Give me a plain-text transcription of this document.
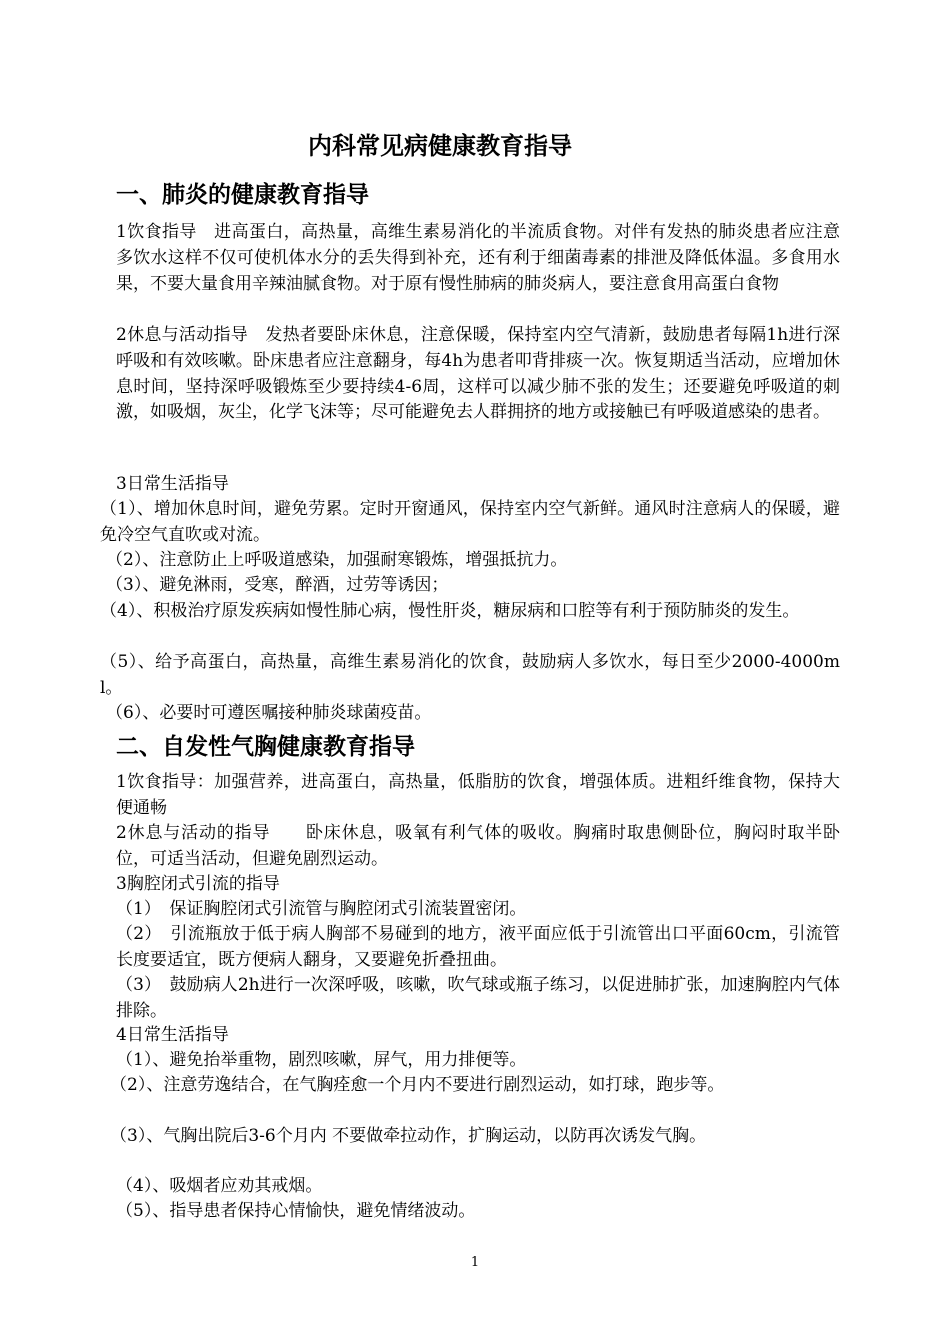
内科常见病健康教育指导
一、肺炎的健康教育指导
1饮食指导　进高蛋白，高热量，高维生素易消化的半流质食物。对伴有发热的肺炎患者应注意多饮水这样不仅可使机体水分的丢失得到补充，还有利于细菌毒素的排泄及降低体温。多食用水果，不要大量食用辛辣油腻食物。对于原有慢性肺病的肺炎病人，要注意食用高蛋白食物
2休息与活动指导　发热者要卧床休息，注意保暖，保持室内空气清新，鼓励患者每隔1h进行深呼吸和有效咳嗽。卧床患者应注意翻身，每4h为患者叩背排痰一次。恢复期适当活动，应增加休息时间，坚持深呼吸锻炼至少要持续4-6周，这样可以减少肺不张的发生；还要避免呼吸道的刺激，如吸烟，灰尘，化学飞沫等；尽可能避免去人群拥挤的地方或接触已有呼吸道感染的患者。
3日常生活指导
（1）、增加休息时间，避免劳累。定时开窗通风，保持室内空气新鲜。通风时注意病人的保暖，避免冷空气直吹或对流。
（2）、注意防止上呼吸道感染，加强耐寒锻炼，增强抵抗力。
（3）、避免淋雨，受寒，醉酒，过劳等诱因；
（4）、积极治疗原发疾病如慢性肺心病，慢性肝炎，糖尿病和口腔等有利于预防肺炎的发生。
（5）、给予高蛋白，高热量，高维生素易消化的饮食，鼓励病人多饮水，每日至少2000-4000ml。
（6）、必要时可遵医嘱接种肺炎球菌疫苗。
二、自发性气胸健康教育指导
1饮食指导：加强营养，进高蛋白，高热量，低脂肪的饮食，增强体质。进粗纤维食物，保持大便通畅
2休息与活动的指导　　卧床休息，吸氧有利气体的吸收。胸痛时取患侧卧位，胸闷时取半卧位，可适当活动，但避免剧烈运动。
3胸腔闭式引流的指导
（1）　保证胸腔闭式引流管与胸腔闭式引流装置密闭。
（2）　引流瓶放于低于病人胸部不易碰到的地方，液平面应低于引流管出口平面60cm，引流管长度要适宜，既方便病人翻身，又要避免折叠扭曲。
（3）　鼓励病人2h进行一次深呼吸，咳嗽，吹气球或瓶子练习，以促进肺扩张，加速胸腔内气体排除。
4日常生活指导
（1）、避免抬举重物，剧烈咳嗽，屏气，用力排便等。
（2）、注意劳逸结合，在气胸痊愈一个月内不要进行剧烈运动，如打球，跑步等。
（3）、气胸出院后3-6个月内 不要做牵拉动作，扩胸运动，以防再次诱发气胸。
（4）、吸烟者应劝其戒烟。
（5）、指导患者保持心情愉快，避免情绪波动。
1
